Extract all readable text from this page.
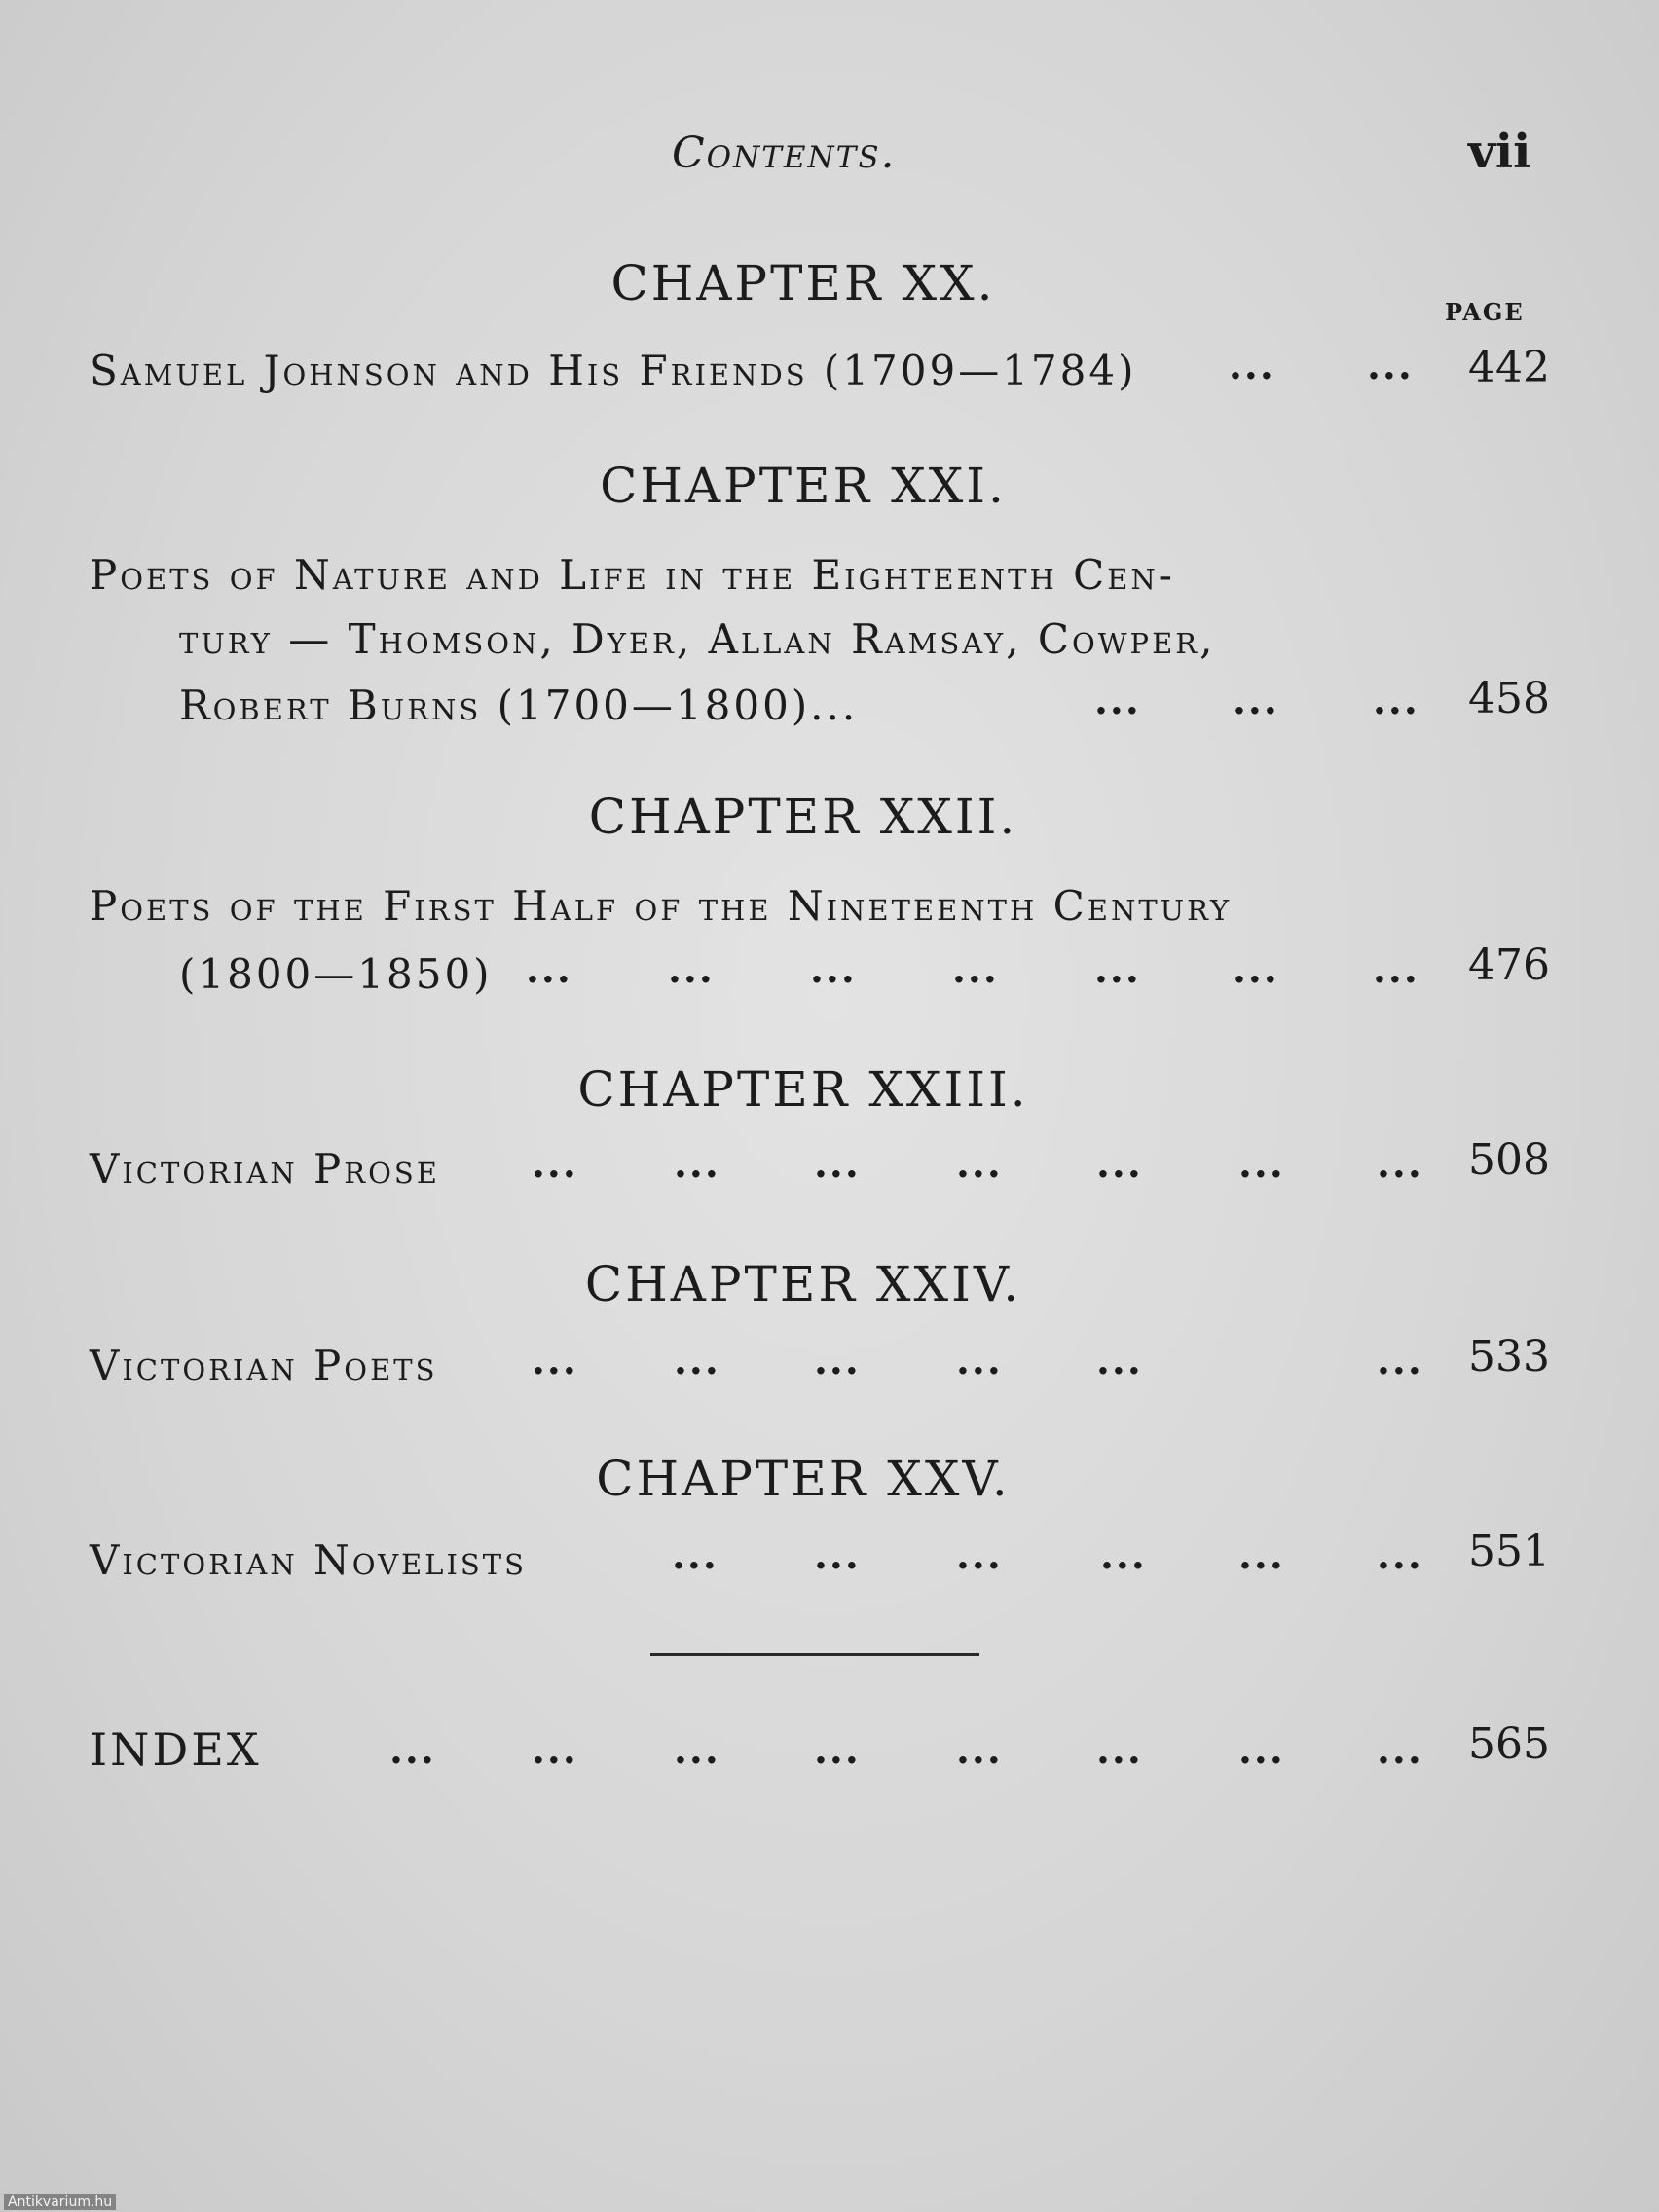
Contents.	vii
CHAPTER XX.
PAGE
Samuel Johnson and His Friends (1709—1784) ... ... 442
CHAPTER XXI.
Poets of Nature and Life in the Eighteenth Cen-
tury — Thomson, Dyer, Allan Ramsay, Cowper,
Robert Burns (1700—1800)...	... ... ... 458
CHAPTER XXII.
Poets of the First Half of the Nineteenth Century
(1800—1850) ... ... ... ... ... ... ... 476
CHAPTER XXIII.
Victorian Prose ... ... ... ... ... ... ... 508
CHAPTER XXIV.
Victorian Poets ... ... ... ... ...	... 533
CHAPTER XXV.
Victorian Novelists	... ... ...	... ... ... 551
INDEX	... ... ... ... ... ... ... ... 565
Antikvarium.hu
